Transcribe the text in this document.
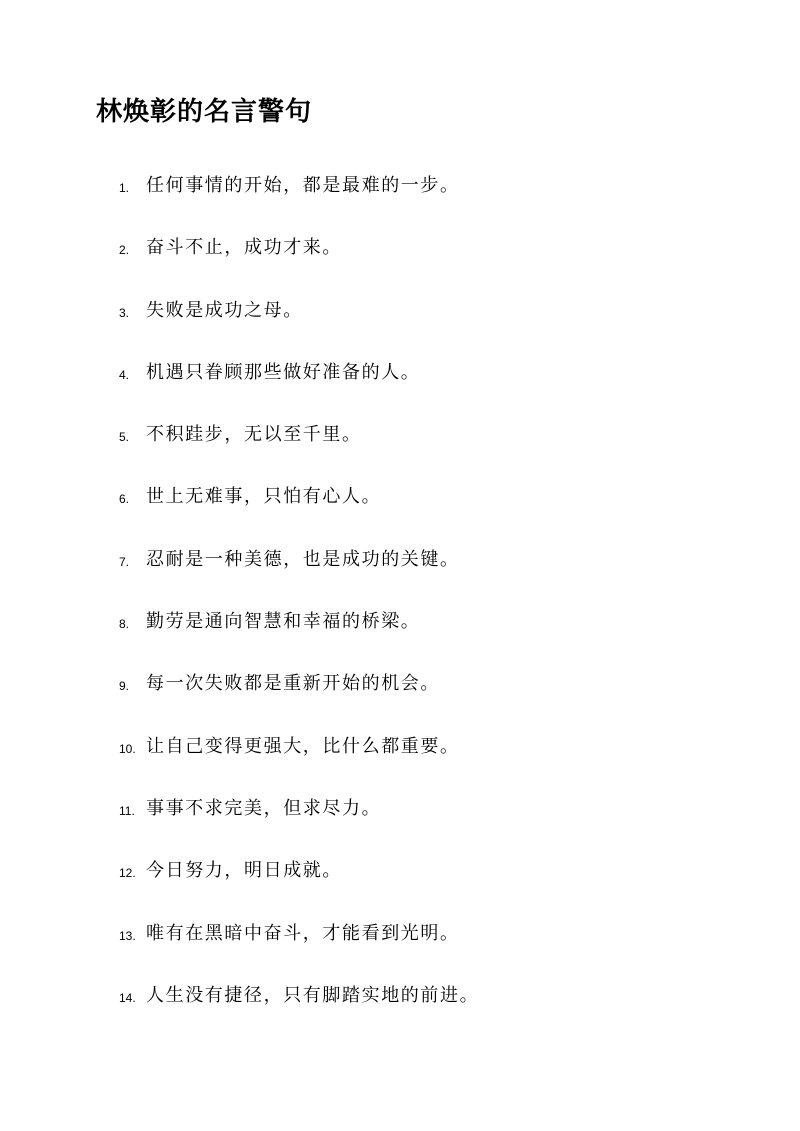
林焕彰的名言警句
1. 任何事情的开始，都是最难的一步。
2. 奋斗不止，成功才来。
3. 失败是成功之母。
4. 机遇只眷顾那些做好准备的人。
5. 不积跬步，无以至千里。
6. 世上无难事，只怕有心人。
7. 忍耐是一种美德，也是成功的关键。
8. 勤劳是通向智慧和幸福的桥梁。
9. 每一次失败都是重新开始的机会。
10. 让自己变得更强大，比什么都重要。
11. 事事不求完美，但求尽力。
12. 今日努力，明日成就。
13. 唯有在黑暗中奋斗，才能看到光明。
14. 人生没有捷径，只有脚踏实地的前进。
